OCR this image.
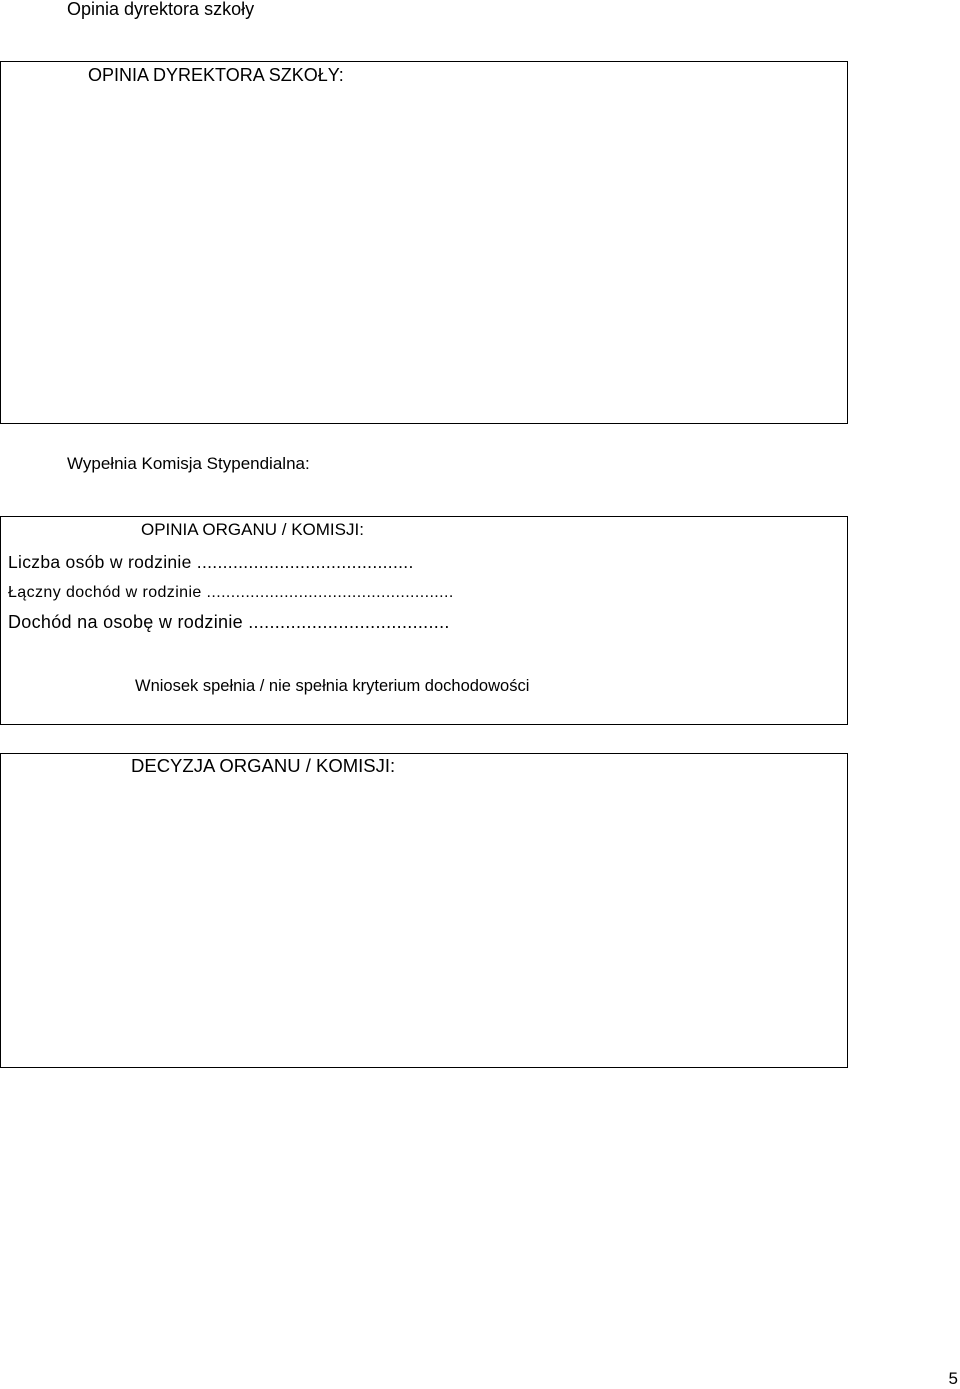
Opinia dyrektora szkoły
OPINIA DYREKTORA SZKOŁY:
Wypełnia Komisja Stypendialna:
OPINIA ORGANU / KOMISJI:
Liczba osób w rodzinie ..........................................
Łączny dochód w rodzinie ...................................................
Dochód na osobę w rodzinie ......................................
Wniosek spełnia / nie spełnia kryterium dochodowości
DECYZJA ORGANU / KOMISJI:
5
